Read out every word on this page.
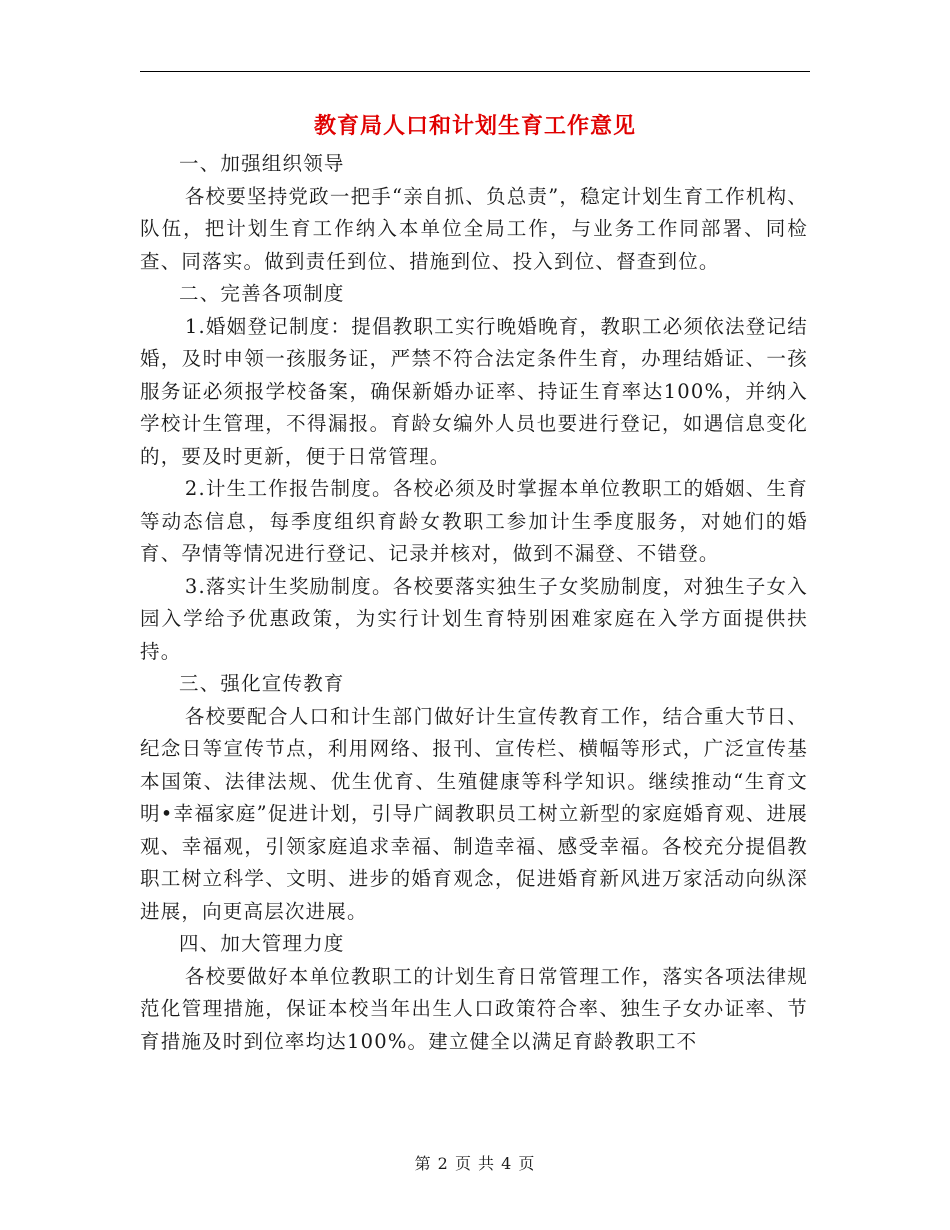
教育局人口和计划生育工作意见

一、加强组织领导

各校要坚持党政一把手“亲自抓、负总责”，稳定计划生育工作机构、队伍，把计划生育工作纳入本单位全局工作，与业务工作同部署、同检查、同落实。做到责任到位、措施到位、投入到位、督查到位。

二、完善各项制度

1.婚姻登记制度：提倡教职工实行晚婚晚育，教职工必须依法登记结婚，及时申领一孩服务证，严禁不符合法定条件生育，办理结婚证、一孩服务证必须报学校备案，确保新婚办证率、持证生育率达100%，并纳入学校计生管理，不得漏报。育龄女编外人员也要进行登记，如遇信息变化的，要及时更新，便于日常管理。

2.计生工作报告制度。各校必须及时掌握本单位教职工的婚姻、生育等动态信息，每季度组织育龄女教职工参加计生季度服务，对她们的婚育、孕情等情况进行登记、记录并核对，做到不漏登、不错登。

3.落实计生奖励制度。各校要落实独生子女奖励制度，对独生子女入园入学给予优惠政策，为实行计划生育特别困难家庭在入学方面提供扶持。

三、强化宣传教育

各校要配合人口和计生部门做好计生宣传教育工作，结合重大节日、纪念日等宣传节点，利用网络、报刊、宣传栏、横幅等形式，广泛宣传基本国策、法律法规、优生优育、生殖健康等科学知识。继续推动“生育文明•幸福家庭”促进计划，引导广阔教职员工树立新型的家庭婚育观、进展观、幸福观，引领家庭追求幸福、制造幸福、感受幸福。各校充分提倡教职工树立科学、文明、进步的婚育观念，促进婚育新风进万家活动向纵深进展，向更高层次进展。

四、加大管理力度

各校要做好本单位教职工的计划生育日常管理工作，落实各项法律规范化管理措施，保证本校当年出生人口政策符合率、独生子女办证率、节育措施及时到位率均达100%。建立健全以满足育龄教职工不

第 2 页 共 4 页
